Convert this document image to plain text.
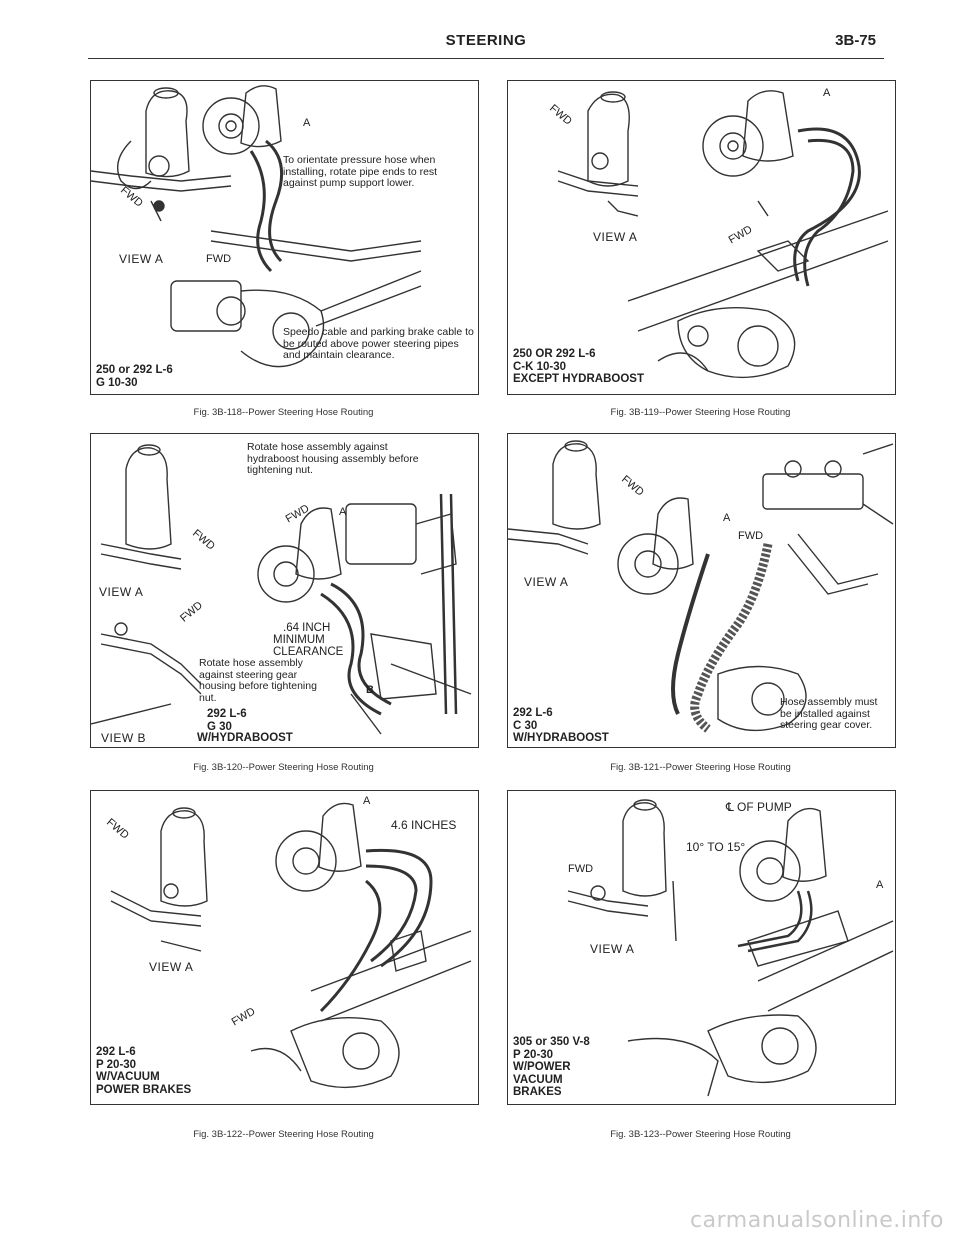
STEERING	3B-75
To orientate pressure hose when installing, rotate pipe ends to rest against pump support lower.
Speedo cable and parking brake cable to be routed above power steering pipes and maintain clearance.
VIEW A
FWD
FWD
A
250 or 292 L-6
G 10-30
Fig. 3B-118--Power Steering Hose Routing
FWD
FWD
A
VIEW A
250 OR 292 L-6
C-K 10-30
EXCEPT HYDRABOOST
Fig. 3B-119--Power Steering Hose Routing
Rotate hose assembly against hydraboost housing assembly before tightening nut.
FWD
FWD
FWD
A
B
VIEW A
.64 INCH
MINIMUM
CLEARANCE
Rotate hose assembly against steering gear housing before tightening nut.
292 L-6
G 30
VIEW B	W/HYDRABOOST
Fig. 3B-120--Power Steering Hose Routing
FWD
FWD
A
VIEW A
Hose assembly must be installed against steering gear cover.
292 L-6
C 30
W/HYDRABOOST
Fig. 3B-121--Power Steering Hose Routing
FWD
FWD
A
4.6 INCHES
VIEW A
292 L-6
P 20-30
W/VACUUM
POWER BRAKES
Fig. 3B-122--Power Steering Hose Routing
℄ OF PUMP
10° TO 15°
FWD
A
VIEW A
305 or 350 V-8
P 20-30
W/POWER
VACUUM
BRAKES
Fig. 3B-123--Power Steering Hose Routing
carmanualsonline.info
